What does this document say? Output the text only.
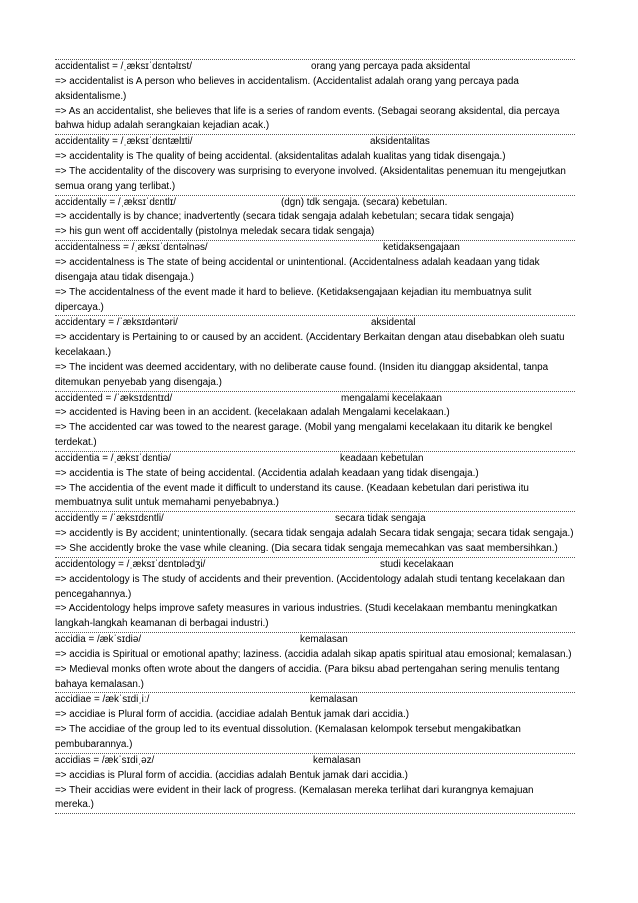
accidentalist = /ˌæksɪˈdɛntəlɪst/	orang yang percaya pada aksidental
=> accidentalist is A person who believes in accidentalism. (Accidentalist adalah orang yang percaya pada aksidentalisme.)
=> As an accidentalist, she believes that life is a series of random events. (Sebagai seorang aksidental, dia percaya bahwa hidup adalah serangkaian kejadian acak.)
accidentality = /ˌæksɪˈdɛntælɪti/	aksidentalitas
=> accidentality is The quality of being accidental. (aksidentalitas adalah kualitas yang tidak disengaja.)
=> The accidentality of the discovery was surprising to everyone involved. (Aksidentalitas penemuan itu mengejutkan semua orang yang terlibat.)
accidentally = /ˌæksɪˈdɛntlɪ/	(dgn) tdk sengaja. (secara) kebetulan.
=> accidentally is by chance; inadvertently (secara tidak sengaja adalah kebetulan; secara tidak sengaja)
=> his gun went off accidentally (pistolnya meledak secara tidak sengaja)
accidentalness = /ˌæksɪˈdɛntəlnəs/	ketidaksengajaan
=> accidentalness is The state of being accidental or unintentional. (Accidentalness adalah keadaan yang tidak disengaja atau tidak disengaja.)
=> The accidentalness of the event made it hard to believe. (Ketidaksengajaan kejadian itu membuatnya sulit dipercaya.)
accidentary = /ˈæksɪdəntəri/	aksidental
=> accidentary is Pertaining to or caused by an accident. (Accidentary Berkaitan dengan atau disebabkan oleh suatu kecelakaan.)
=> The incident was deemed accidentary, with no deliberate cause found. (Insiden itu dianggap aksidental, tanpa ditemukan penyebab yang disengaja.)
accidented = /ˈæksɪdɛntɪd/	mengalami kecelakaan
=> accidented is Having been in an accident. (kecelakaan adalah Mengalami kecelakaan.)
=> The accidented car was towed to the nearest garage. (Mobil yang mengalami kecelakaan itu ditarik ke bengkel terdekat.)
accidentia = /ˌæksɪˈdɛntiə/	keadaan kebetulan
=> accidentia is The state of being accidental. (Accidentia adalah keadaan yang tidak disengaja.)
=> The accidentia of the event made it difficult to understand its cause. (Keadaan kebetulan dari peristiwa itu membuatnya sulit untuk memahami penyebabnya.)
accidently = /ˈæksɪdɛntli/	secara tidak sengaja
=> accidently is By accident; unintentionally. (secara tidak sengaja adalah Secara tidak sengaja; secara tidak sengaja.)
=> She accidently broke the vase while cleaning. (Dia secara tidak sengaja memecahkan vas saat membersihkan.)
accidentology = /ˌæksɪˈdɛntɒlədʒi/	studi kecelakaan
=> accidentology is The study of accidents and their prevention. (Accidentology adalah studi tentang kecelakaan dan pencegahannya.)
=> Accidentology helps improve safety measures in various industries. (Studi kecelakaan membantu meningkatkan langkah-langkah keamanan di berbagai industri.)
accidia = /ækˈsɪdiə/	kemalasan
=> accidia is Spiritual or emotional apathy; laziness. (accidia adalah sikap apatis spiritual atau emosional; kemalasan.)
=> Medieval monks often wrote about the dangers of accidia. (Para biksu abad pertengahan sering menulis tentang bahaya kemalasan.)
accidiae = /ækˈsɪdiˌiː/	kemalasan
=> accidiae is Plural form of accidia. (accidiae adalah Bentuk jamak dari accidia.)
=> The accidiae of the group led to its eventual dissolution. (Kemalasan kelompok tersebut mengakibatkan pembubarannya.)
accidias = /ækˈsɪdiˌəz/	kemalasan
=> accidias is Plural form of accidia. (accidias adalah Bentuk jamak dari accidia.)
=> Their accidias were evident in their lack of progress. (Kemalasan mereka terlihat dari kurangnya kemajuan mereka.)
